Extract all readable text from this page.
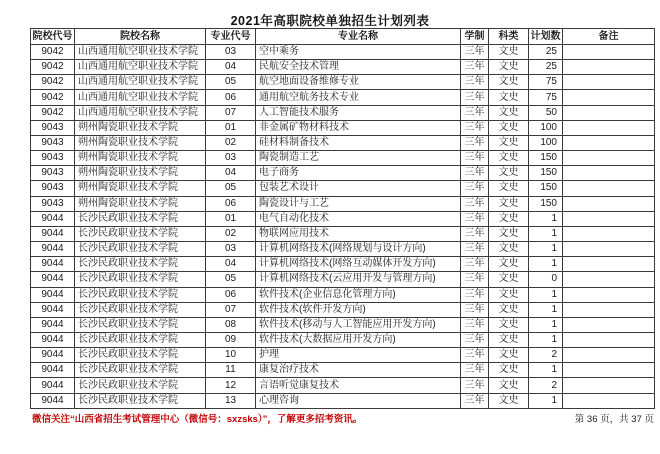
2021年高职院校单独招生计划列表
院校代号	院校名称	专业代号	专业名称	学制	科类	计划数	备注
9042	山西通用航空职业技术学院	03	空中乘务	三年	文史	25	
9042	山西通用航空职业技术学院	04	民航安全技术管理	三年	文史	25	
9042	山西通用航空职业技术学院	05	航空地面设备维修专业	三年	文史	75	
9042	山西通用航空职业技术学院	06	通用航空航务技术专业	三年	文史	75	
9042	山西通用航空职业技术学院	07	人工智能技术服务	三年	文史	50	
9043	朔州陶瓷职业技术学院	01	非金属矿物材料技术	三年	文史	100	
9043	朔州陶瓷职业技术学院	02	硅材料制备技术	三年	文史	100	
9043	朔州陶瓷职业技术学院	03	陶瓷制造工艺	三年	文史	150	
9043	朔州陶瓷职业技术学院	04	电子商务	三年	文史	150	
9043	朔州陶瓷职业技术学院	05	包装艺术设计	三年	文史	150	
9043	朔州陶瓷职业技术学院	06	陶瓷设计与工艺	三年	文史	150	
9044	长沙民政职业技术学院	01	电气自动化技术	三年	文史	1	
9044	长沙民政职业技术学院	02	物联网应用技术	三年	文史	1	
9044	长沙民政职业技术学院	03	计算机网络技术(网络规划与设计方向)	三年	文史	1	
9044	长沙民政职业技术学院	04	计算机网络技术(网络互动媒体开发方向)	三年	文史	1	
9044	长沙民政职业技术学院	05	计算机网络技术(云应用开发与管理方向)	三年	文史	0	
9044	长沙民政职业技术学院	06	软件技术(企业信息化管理方向)	三年	文史	1	
9044	长沙民政职业技术学院	07	软件技术(软件开发方向)	三年	文史	1	
9044	长沙民政职业技术学院	08	软件技术(移动与人工智能应用开发方向)	三年	文史	1	
9044	长沙民政职业技术学院	09	软件技术(大数据应用开发方向)	三年	文史	1	
9044	长沙民政职业技术学院	10	护理	三年	文史	2	
9044	长沙民政职业技术学院	11	康复治疗技术	三年	文史	1	
9044	长沙民政职业技术学院	12	言语听觉康复技术	三年	文史	2	
9044	长沙民政职业技术学院	13	心理咨询	三年	文史	1	
微信关注“山西省招生考试管理中心（微信号：sxzsks）”，了解更多招考资讯。	第 36 页，共 37 页
